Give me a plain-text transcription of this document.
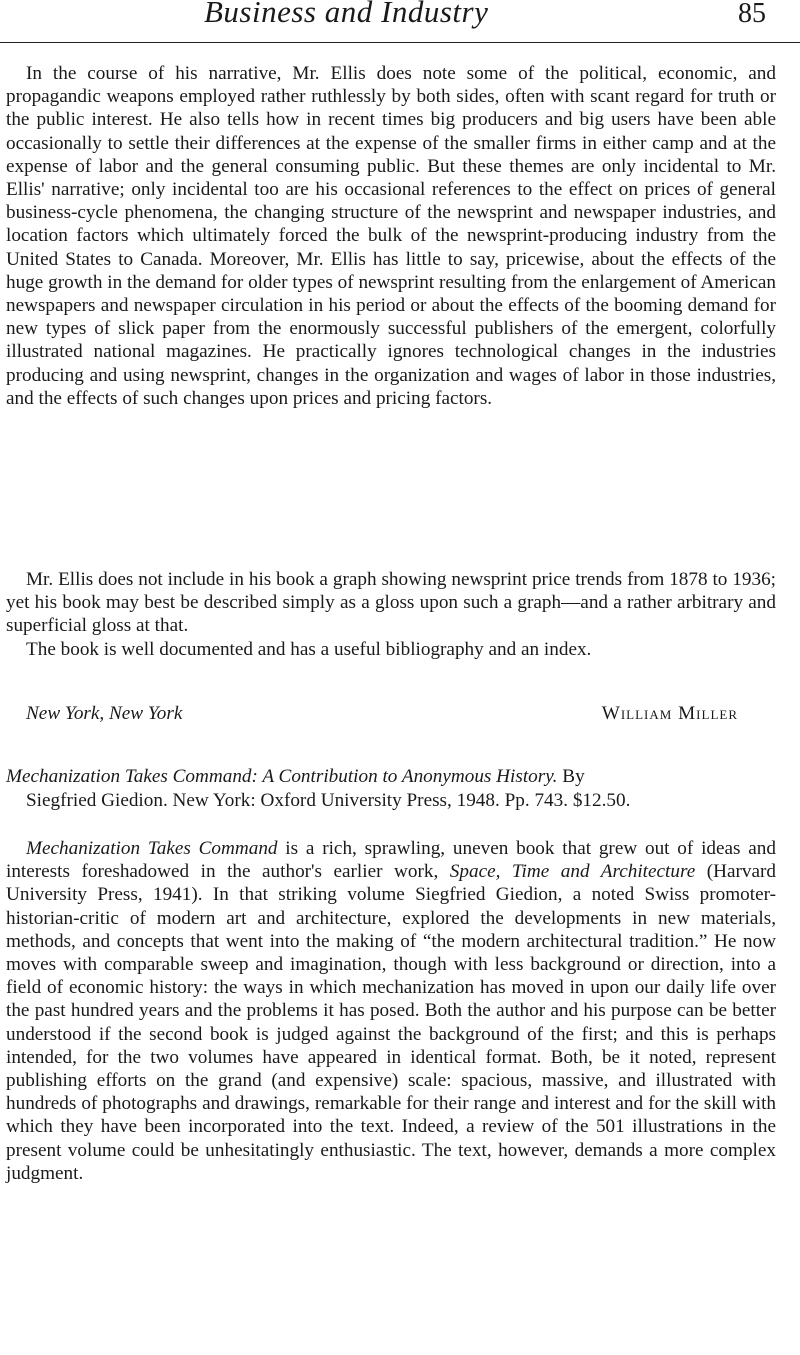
Business and Industry	85

In the course of his narrative, Mr. Ellis does note some of the political, economic, and propagandic weapons employed rather ruthlessly by both sides, often with scant regard for truth or the public interest. He also tells how in recent times big producers and big users have been able occasionally to settle their differences at the expense of the smaller firms in either camp and at the expense of labor and the general consuming public. But these themes are only incidental to Mr. Ellis' narrative; only incidental too are his occasional references to the effect on prices of general business-cycle phenomena, the changing structure of the newsprint and newspaper industries, and location factors which ultimately forced the bulk of the newsprint-producing industry from the United States to Canada. Moreover, Mr. Ellis has little to say, pricewise, about the effects of the huge growth in the demand for older types of newsprint resulting from the enlargement of American newspapers and newspaper circulation in his period or about the effects of the booming demand for new types of slick paper from the enormously successful publishers of the emergent, colorfully illustrated national magazines. He practically ignores technological changes in the industries producing and using newsprint, changes in the organization and wages of labor in those industries, and the effects of such changes upon prices and pricing factors.

Mr. Ellis does not include in his book a graph showing newsprint price trends from 1878 to 1936; yet his book may best be described simply as a gloss upon such a graph—and a rather arbitrary and superficial gloss at that.

The book is well documented and has a useful bibliography and an index.

New York, New York	William Miller
Mechanization Takes Command: A Contribution to Anonymous History. By
Siegfried Giedion. New York: Oxford University Press, 1948. Pp. 743. $12.50.

Mechanization Takes Command is a rich, sprawling, uneven book that grew out of ideas and interests foreshadowed in the author's earlier work, Space, Time and Architecture (Harvard University Press, 1941). In that striking volume Siegfried Giedion, a noted Swiss promoter-historian-critic of modern art and architecture, explored the developments in new materials, methods, and concepts that went into the making of “the modern architectural tradition.” He now moves with comparable sweep and imagination, though with less background or direction, into a field of economic history: the ways in which mechanization has moved in upon our daily life over the past hundred years and the problems it has posed. Both the author and his purpose can be better understood if the second book is judged against the background of the first; and this is perhaps intended, for the two volumes have appeared in identical format. Both, be it noted, represent publishing efforts on the grand (and expensive) scale: spacious, massive, and illustrated with hundreds of photographs and drawings, remarkable for their range and interest and for the skill with which they have been incorporated into the text. Indeed, a review of the 501 illustrations in the present volume could be unhesitatingly enthusiastic. The text, however, demands a more complex judgment.
